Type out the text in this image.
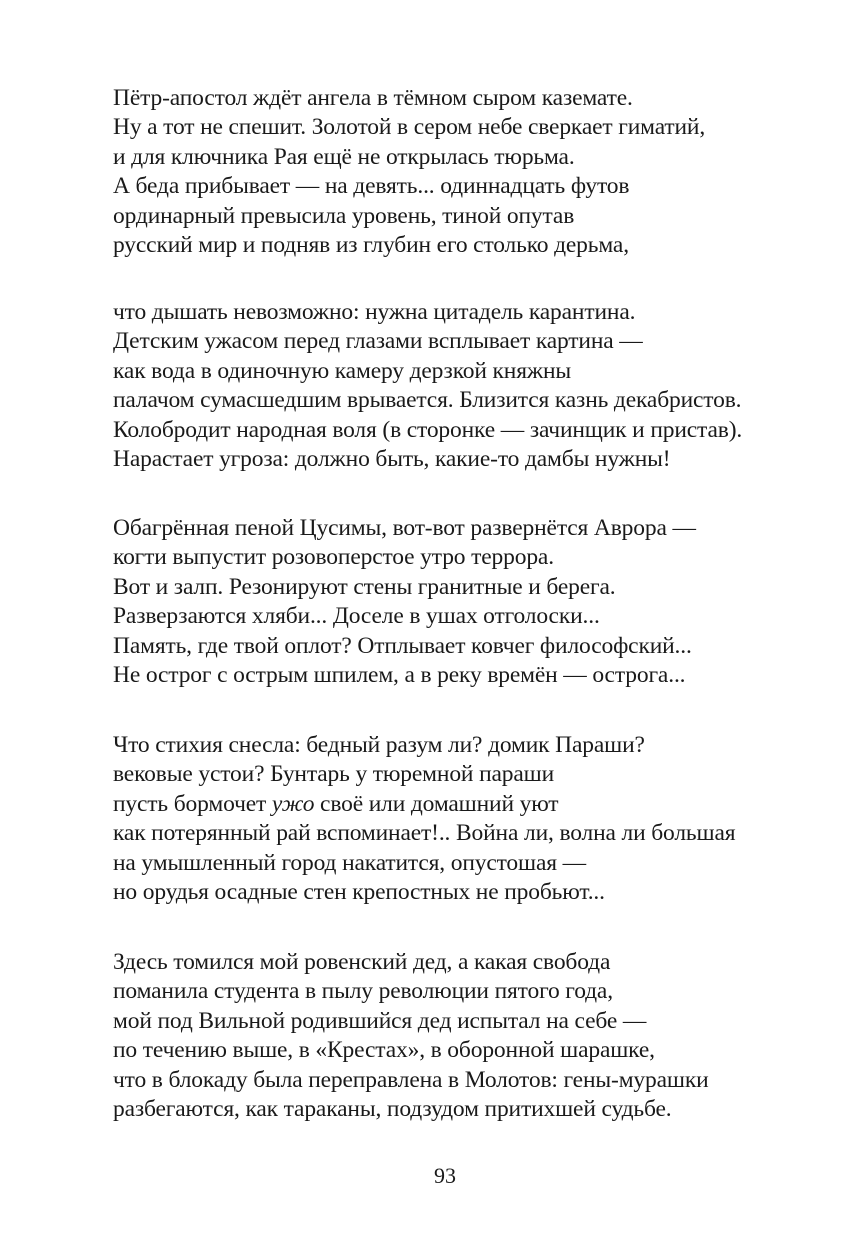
Пётр-апостол ждёт ангела в тёмном сыром каземате.
Ну а тот не спешит. Золотой в сером небе сверкает гиматий,
и для ключника Рая ещё не открылась тюрьма.
А беда прибывает — на девять... одиннадцать футов
ординарный превысила уровень, тиной опутав
русский мир и подняв из глубин его столько дерьма,
что дышать невозможно: нужна цитадель карантина.
Детским ужасом перед глазами всплывает картина —
как вода в одиночную камеру дерзкой княжны
палачом сумасшедшим врывается. Близится казнь декабристов.
Колобродит народная воля (в сторонке — зачинщик и пристав).
Нарастает угроза: должно быть, какие-то дамбы нужны!
Обагрённая пеной Цусимы, вот-вот развернётся Аврора —
когти выпустит розовоперстое утро террора.
Вот и залп. Резонируют стены гранитные и берега.
Разверзаются хляби... Доселе в ушах отголоски...
Память, где твой оплот? Отплывает ковчег философский...
Не острог с острым шпилем, а в реку времён — острога...
Что стихия снесла: бедный разум ли? домик Параши?
вековые устои? Бунтарь у тюремной параши
пусть бормочет ужо своё или домашний уют
как потерянный рай вспоминает!.. Война ли, волна ли большая
на умышленный город накатится, опустошая —
но орудья осадные стен крепостных не пробьют...
Здесь томился мой ровенский дед, а какая свобода
поманила студента в пылу революции пятого года,
мой под Вильной родившийся дед испытал на себе —
по течению выше, в «Крестах», в оборонной шарашке,
что в блокаду была переправлена в Молотов: гены-мурашки
разбегаются, как тараканы, подзудом притихшей судьбе.
93
